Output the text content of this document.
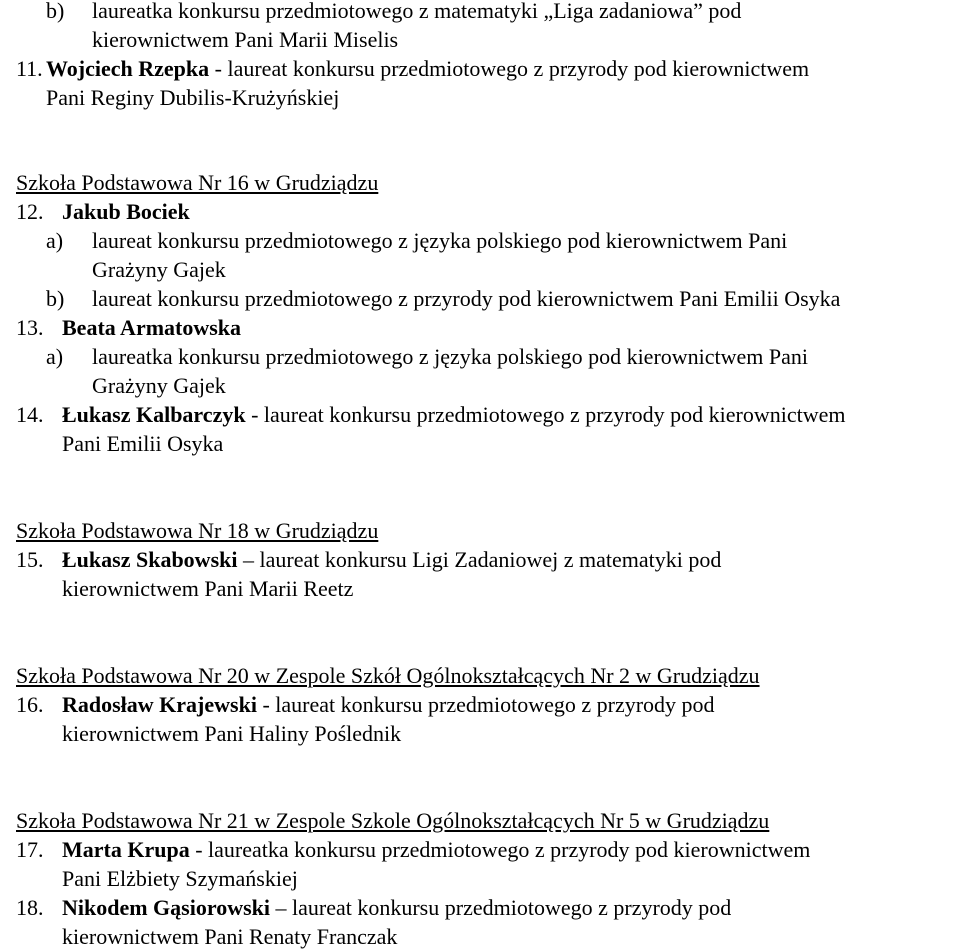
b) laureatka konkursu przedmiotowego z matematyki „Liga zadaniowa” pod
kierownictwem Pani Marii Miselis
11. Wojciech Rzepka - laureat konkursu przedmiotowego z przyrody pod kierownictwem
Pani Reginy Dubilis-Krużyńskiej
Szkoła Podstawowa Nr 16 w Grudziądzu
12. Jakub Bociek
a) laureat konkursu przedmiotowego z języka polskiego pod kierownictwem Pani
Grażyny Gajek
b) laureat konkursu przedmiotowego z przyrody pod kierownictwem Pani Emilii Osyka
13. Beata Armatowska
a) laureatka konkursu przedmiotowego z języka polskiego pod kierownictwem Pani
Grażyny Gajek
14. Łukasz Kalbarczyk - laureat konkursu przedmiotowego z przyrody pod kierownictwem
Pani Emilii Osyka
Szkoła Podstawowa Nr 18 w Grudziądzu
15. Łukasz Skabowski – laureat konkursu Ligi Zadaniowej z matematyki pod
kierownictwem Pani Marii Reetz
Szkoła Podstawowa Nr 20 w Zespole Szkół Ogólnokształcących Nr 2 w Grudziądzu
16. Radosław Krajewski - laureat konkursu przedmiotowego z przyrody pod
kierownictwem Pani Haliny Poślednik
Szkoła Podstawowa Nr 21 w Zespole Szkole Ogólnokształcących Nr 5 w Grudziądzu
17. Marta Krupa - laureatka konkursu przedmiotowego z przyrody pod kierownictwem
Pani Elżbiety Szymańskiej
18. Nikodem Gąsiorowski – laureat konkursu przedmiotowego z przyrody pod
kierownictwem Pani Renaty Franczak
